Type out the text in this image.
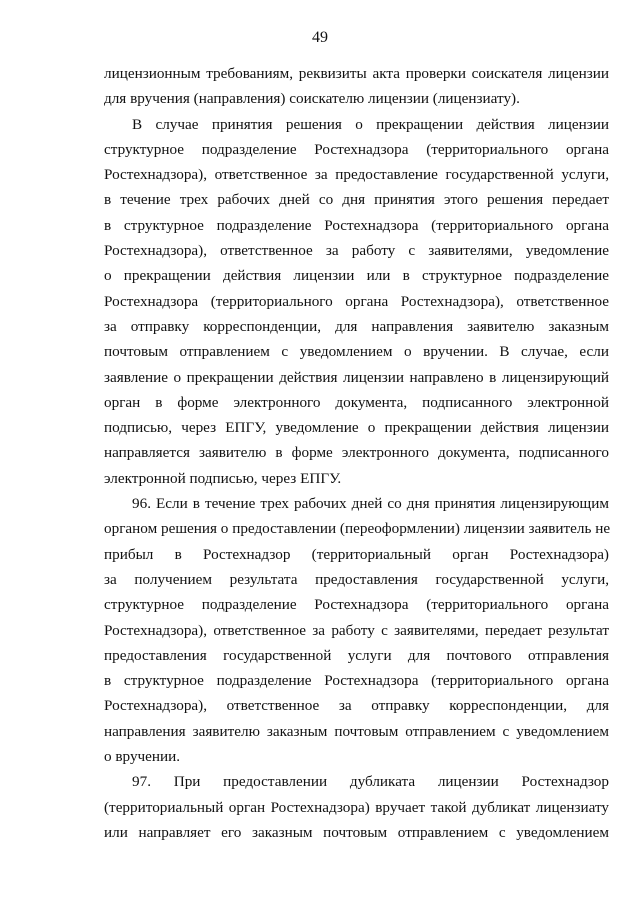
49
лицензионным требованиям, реквизиты акта проверки соискателя лицензии
для вручения (направления) соискателю лицензии (лицензиату).
В случае принятия решения о прекращении действия лицензии
структурное подразделение Ростехнадзора (территориального органа
Ростехнадзора), ответственное за предоставление государственной услуги,
в течение трех рабочих дней со дня принятия этого решения передает
в структурное подразделение Ростехнадзора (территориального органа
Ростехнадзора), ответственное за работу с заявителями, уведомление
о прекращении действия лицензии или в структурное подразделение
Ростехнадзора (территориального органа Ростехнадзора), ответственное
за отправку корреспонденции, для направления заявителю заказным
почтовым отправлением с уведомлением о вручении. В случае, если
заявление о прекращении действия лицензии направлено в лицензирующий
орган в форме электронного документа, подписанного электронной
подписью, через ЕПГУ, уведомление о прекращении действия лицензии
направляется заявителю в форме электронного документа, подписанного
электронной подписью, через ЕПГУ.
96. Если в течение трех рабочих дней со дня принятия лицензирующим
органом решения о предоставлении (переоформлении) лицензии заявитель не
прибыл в Ростехнадзор (территориальный орган Ростехнадзора)
за получением результата предоставления государственной услуги,
структурное подразделение Ростехнадзора (территориального органа
Ростехнадзора), ответственное за работу с заявителями, передает результат
предоставления государственной услуги для почтового отправления
в структурное подразделение Ростехнадзора (территориального органа
Ростехнадзора), ответственное за отправку корреспонденции, для
направления заявителю заказным почтовым отправлением с уведомлением
о вручении.
97. При предоставлении дубликата лицензии Ростехнадзор
(территориальный орган Ростехнадзора) вручает такой дубликат лицензиату
или направляет его заказным почтовым отправлением с уведомлением
